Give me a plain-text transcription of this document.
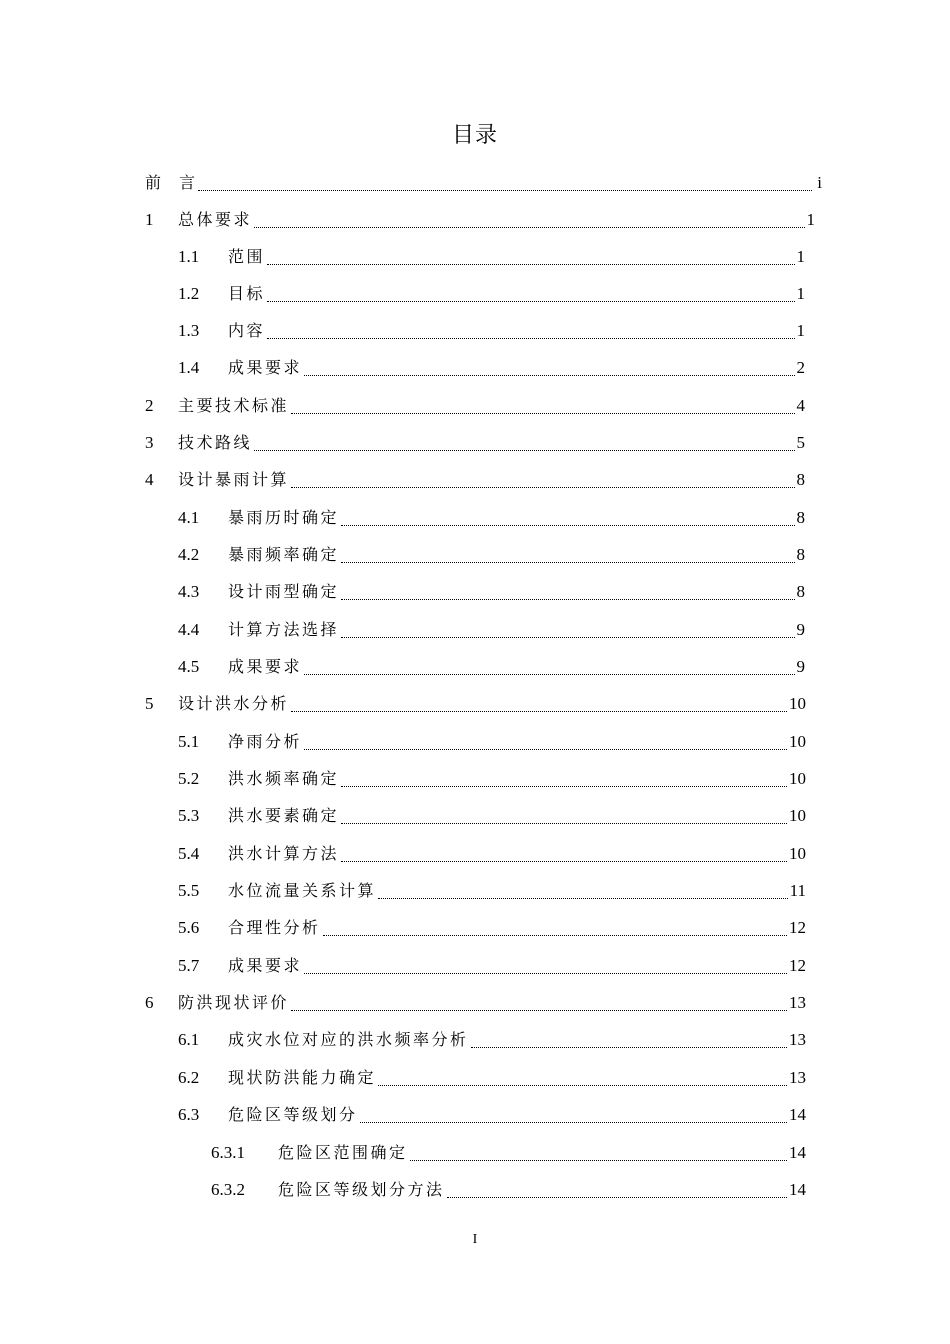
目录
前　言	i
1	总体要求	1
1.1	范围	1
1.2	目标	1
1.3	内容	1
1.4	成果要求	2
2	主要技术标准	4
3	技术路线	5
4	设计暴雨计算	8
4.1	暴雨历时确定	8
4.2	暴雨频率确定	8
4.3	设计雨型确定	8
4.4	计算方法选择	9
4.5	成果要求	9
5	设计洪水分析	10
5.1	净雨分析	10
5.2	洪水频率确定	10
5.3	洪水要素确定	10
5.4	洪水计算方法	10
5.5	水位流量关系计算	11
5.6	合理性分析	12
5.7	成果要求	12
6	防洪现状评价	13
6.1	成灾水位对应的洪水频率分析	13
6.2	现状防洪能力确定	13
6.3	危险区等级划分	14
6.3.1	危险区范围确定	14
6.3.2	危险区等级划分方法	14
I
